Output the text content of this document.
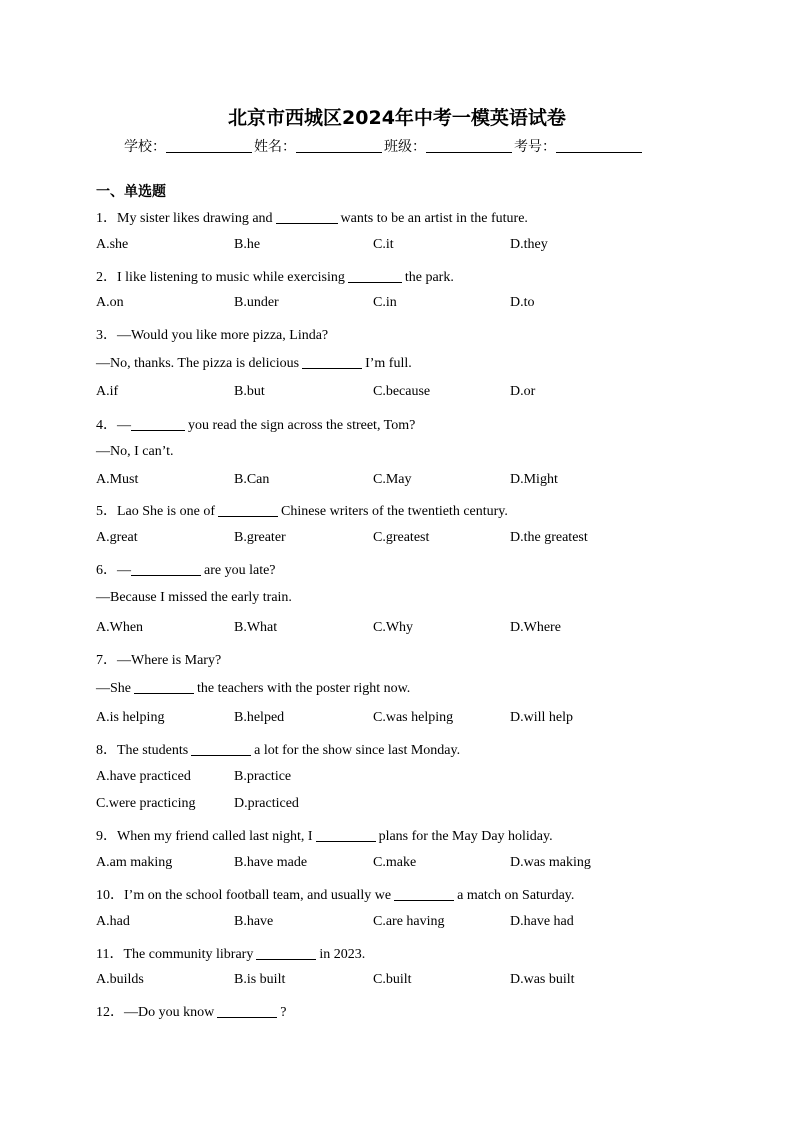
北京市西城区2024年中考一模英语试卷
学校：	姓名：	班级：	考号：
一、单选题
1．My sister likes drawing and	wants to be an artist in the future.
A.she	B.he	C.it	D.they
2．I like listening to music while exercising	the park.
A.on	B.under	C.in	D.to
3．—Would you like more pizza, Linda?
—No, thanks. The pizza is delicious	I’m full.
A.if	B.but	C.because	D.or
4．—	you read the sign across the street, Tom?
—No, I can’t.
A.Must	B.Can	C.May	D.Might
5．Lao She is one of	Chinese writers of the twentieth century.
A.great	B.greater	C.greatest	D.the greatest
6．—	are you late?
—Because I missed the early train.
A.When	B.What	C.Why	D.Where
7．—Where is Mary?
—She	the teachers with the poster right now.
A.is helping	B.helped	C.was helping	D.will help
8．The students	a lot for the show since last Monday.
A.have practiced	B.practice
C.were practicing	D.practiced
9．When my friend called last night, I	plans for the May Day holiday.
A.am making	B.have made	C.make	D.was making
10．I’m on the school football team, and usually we	a match on Saturday.
A.had	B.have	C.are having	D.have had
11．The community library	in 2023.
A.builds	B.is built	C.built	D.was built
12．—Do you know	?
